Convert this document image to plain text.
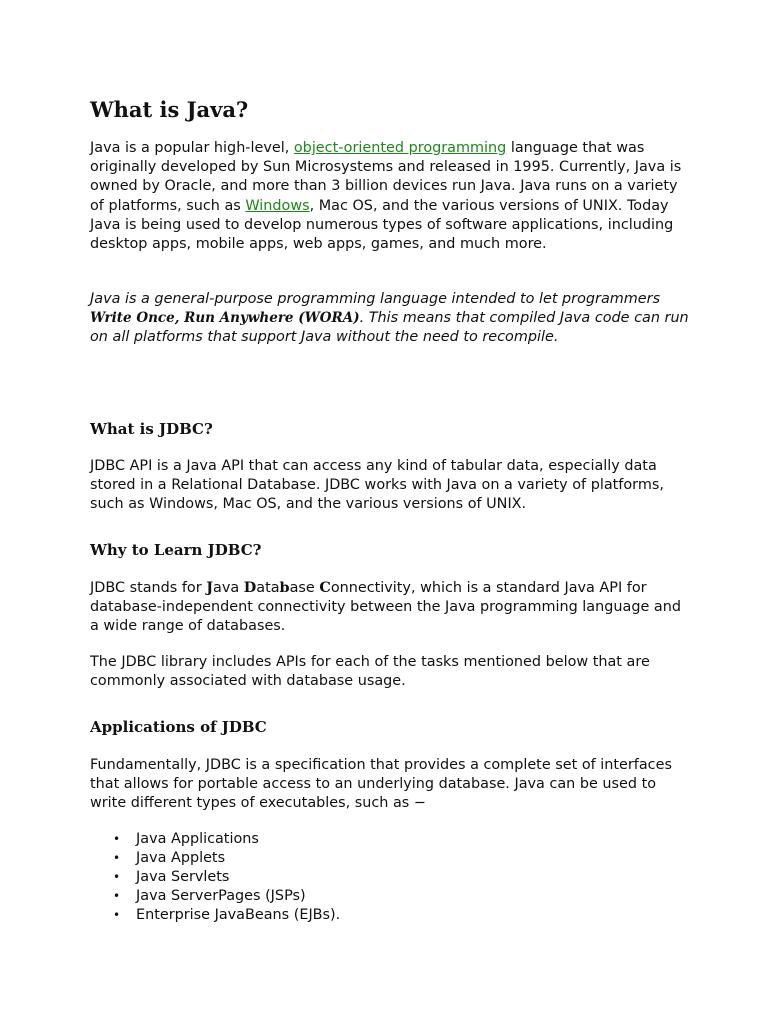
What is Java?

Java is a popular high-level, object-oriented programming language that was originally developed by Sun Microsystems and released in 1995. Currently, Java is owned by Oracle, and more than 3 billion devices run Java. Java runs on a variety of platforms, such as Windows, Mac OS, and the various versions of UNIX. Today Java is being used to develop numerous types of software applications, including desktop apps, mobile apps, web apps, games, and much more.

Java is a general-purpose programming language intended to let programmers Write Once, Run Anywhere (WORA). This means that compiled Java code can run on all platforms that support Java without the need to recompile.

What is JDBC?

JDBC API is a Java API that can access any kind of tabular data, especially data stored in a Relational Database. JDBC works with Java on a variety of platforms, such as Windows, Mac OS, and the various versions of UNIX.

Why to Learn JDBC?

JDBC stands for Java Database Connectivity, which is a standard Java API for database-independent connectivity between the Java programming language and a wide range of databases.

The JDBC library includes APIs for each of the tasks mentioned below that are commonly associated with database usage.

Applications of JDBC

Fundamentally, JDBC is a specification that provides a complete set of interfaces that allows for portable access to an underlying database. Java can be used to write different types of executables, such as −

• Java Applications
• Java Applets
• Java Servlets
• Java ServerPages (JSPs)
• Enterprise JavaBeans (EJBs).
